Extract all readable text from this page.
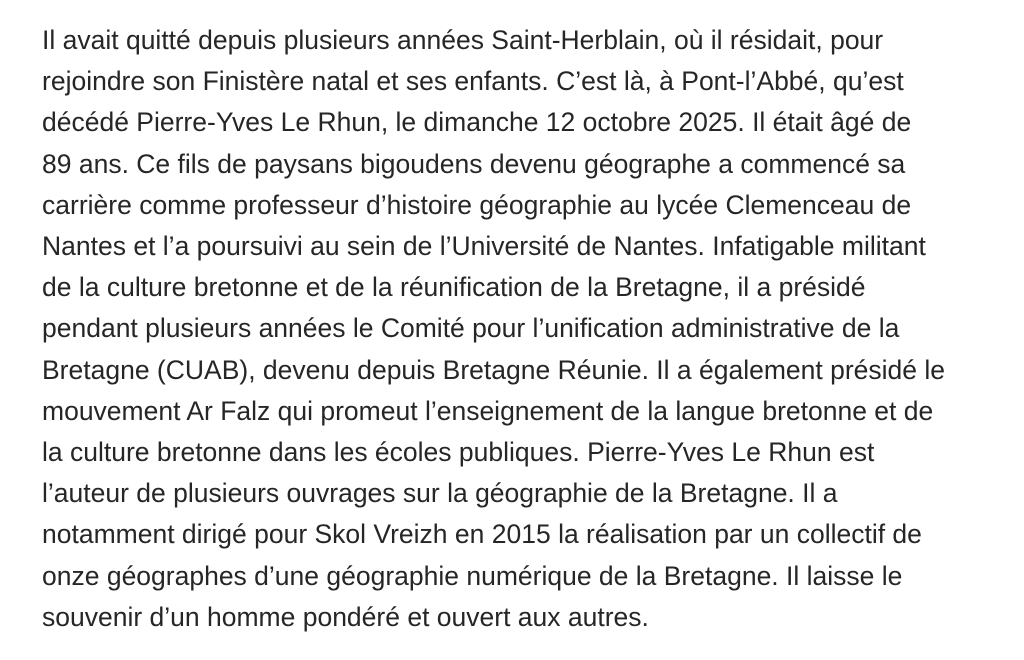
Il avait quitté depuis plusieurs années Saint-Herblain, où il résidait, pour
rejoindre son Finistère natal et ses enfants. C’est là, à Pont-l’Abbé, qu’est
décédé Pierre-Yves Le Rhun, le dimanche 12 octobre 2025. Il était âgé de
89 ans. Ce fils de paysans bigoudens devenu géographe a commencé sa
carrière comme professeur d’histoire géographie au lycée Clemenceau de
Nantes et l’a poursuivi au sein de l’Université de Nantes. Infatigable militant
de la culture bretonne et de la réunification de la Bretagne, il a présidé
pendant plusieurs années le Comité pour l’unification administrative de la
Bretagne (CUAB), devenu depuis Bretagne Réunie. Il a également présidé le
mouvement Ar Falz qui promeut l’enseignement de la langue bretonne et de
la culture bretonne dans les écoles publiques. Pierre-Yves Le Rhun est
l’auteur de plusieurs ouvrages sur la géographie de la Bretagne. Il a
notamment dirigé pour Skol Vreizh en 2015 la réalisation par un collectif de
onze géographes d’une géographie numérique de la Bretagne. Il laisse le
souvenir d’un homme pondéré et ouvert aux autres.
